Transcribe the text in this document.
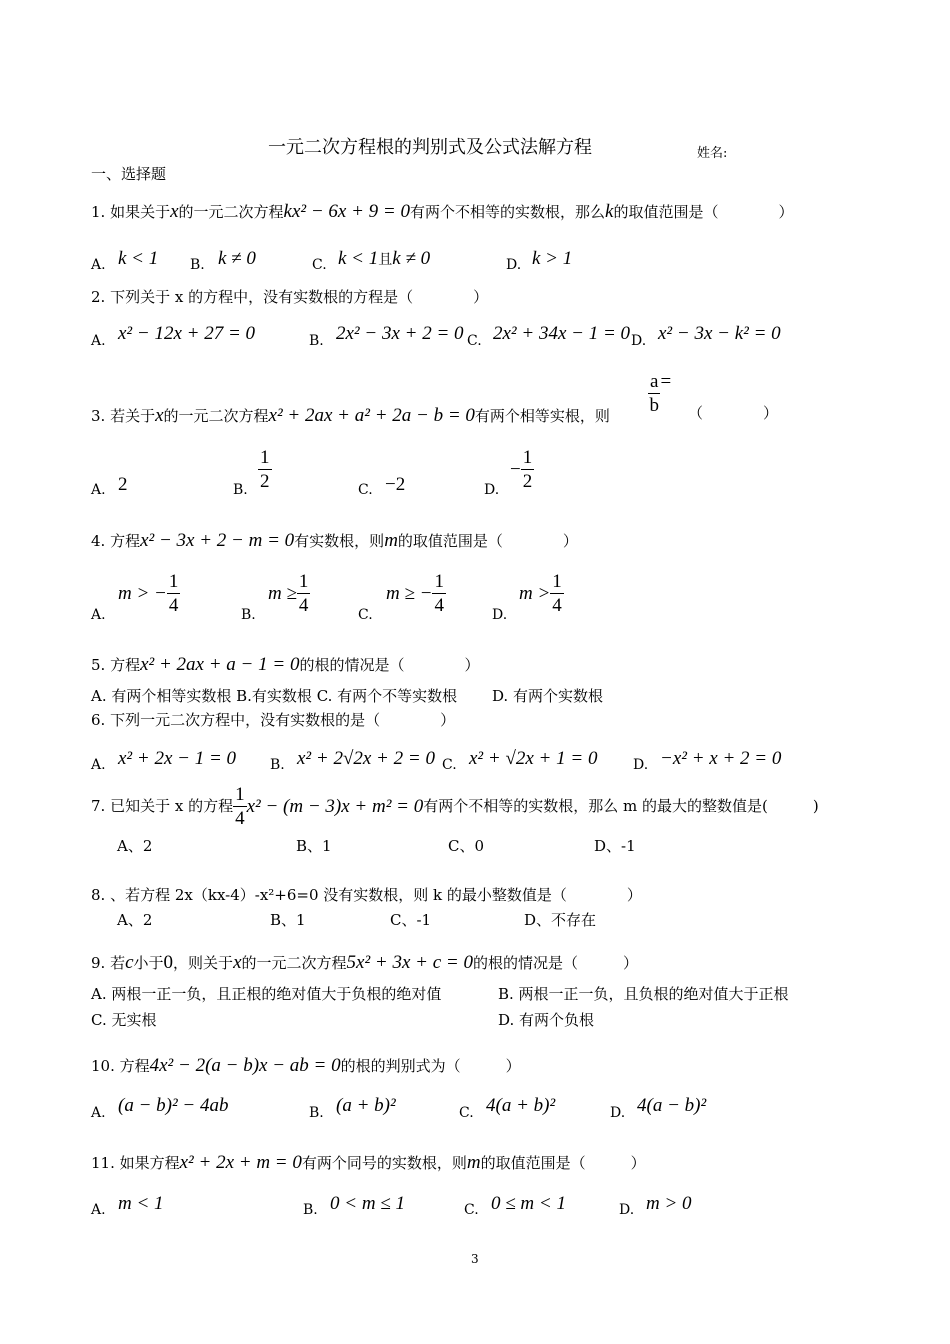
一元二次方程根的判别式及公式法解方程	姓名:
一、选择题
1. 如果关于x的一元二次方程kx² − 6x + 9 = 0有两个不相等的实数根，那么k的取值范围是（　　　　）
A. k < 1 B. k ≠ 0	C. k < 1且k ≠ 0	D. k > 1
2. 下列关于 x 的方程中，没有实数根的方程是（　　　　）
A. x² − 12x + 27 = 0	B. 2x² − 3x + 2 = 0 C. 2x² + 34x − 1 = 0 D. x² − 3x − k² = 0
3. 若关于x的一元二次方程x² + 2ax + a² + 2a − b = 0有两个相等实根，则
$\frac{a}{b}$ =
（　　　　）
A. 2	B. $\frac{1}{2}$	C. −2	D.
− $\frac{1}{2}$
4. 方程x² − 3x + 2 − m = 0有实数根，则m的取值范围是（　　　　）
A.
m > − $\frac{1}{4}$	B.
$m \ge \frac{1}{4}$	C.
m ≥ − $\frac{1}{4}$	D.
$m > \frac{1}{4}$
5. 方程x² + 2ax + a − 1 = 0的根的情况是（　　　　）
A. 有两个相等实数根 B.有实数根 C. 有两个不等实数根　　 D. 有两个实数根
6. 下列一元二次方程中，没有实数根的是（　　　　）
A. x² + 2x − 1 = 0 B. x² + 2√2x + 2 = 0 C. x² + √2x + 1 = 0	D. −x² + x + 2 = 0
7. 已知关于 x 的方程 $\frac{1}{4} x^2 - (m - 3)x + m^2 = 0$有两个不相等的实数根，那么 m 的最大的整数值是(　　　)
A、2	B、1	C、0	D、-1
8. 、若方程 2x（kx-4）-x²+6=0 没有实数根，则 k 的最小整数值是（　　　　）
A、2	B、1	C、-1	D、不存在
9. 若c小于0，则关于x的一元二次方程5x² + 3x + c = 0的根的情况是（　　　）
A. 两根一正一负，且正根的绝对值大于负根的绝对值	B. 两根一正一负，且负根的绝对值大于正根
C. 无实根	D. 有两个负根
10. 方程4x² − 2(a − b)x − ab = 0的根的判别式为（　　　）
A. (a − b)² − 4ab	B. (a + b)²	C. 4(a + b)²	D. 4(a − b)²
11. 如果方程x² + 2x + m = 0有两个同号的实数根，则m的取值范围是（　　　）
A. m < 1	B. 0 < m ≤ 1	C. 0 ≤ m < 1	D. m > 0
3
